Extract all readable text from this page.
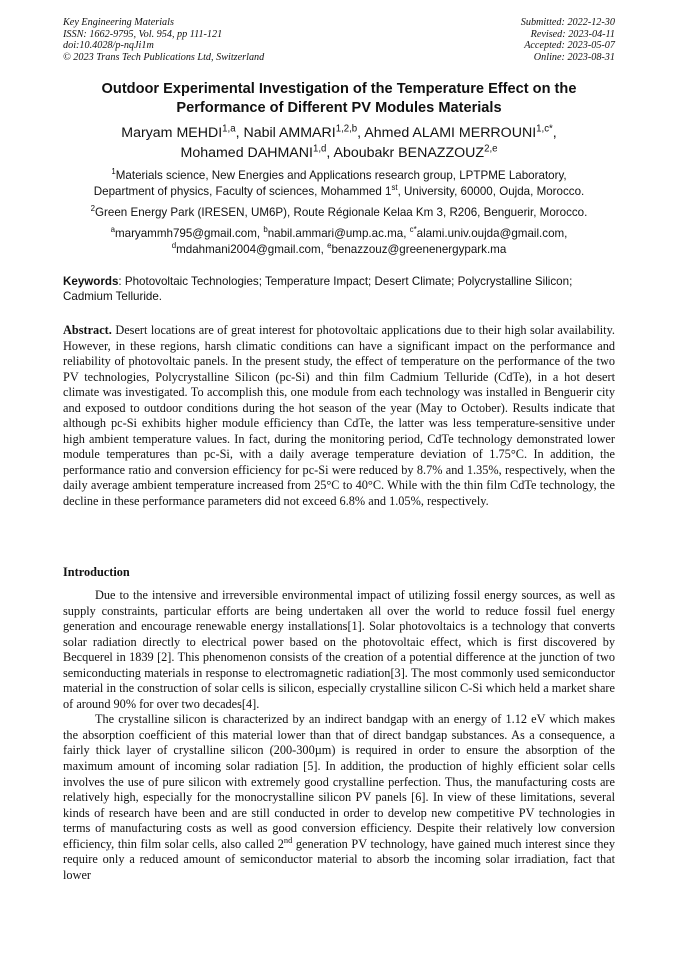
Key Engineering Materials
ISSN: 1662-9795, Vol. 954, pp 111-121
doi:10.4028/p-nqJi1m
© 2023 Trans Tech Publications Ltd, Switzerland
Submitted: 2022-12-30
Revised: 2023-04-11
Accepted: 2023-05-07
Online: 2023-08-31
Outdoor Experimental Investigation of the Temperature Effect on the
Performance of Different PV Modules Materials
Maryam MEHDI$^{1,a}$, Nabil AMMARI$^{1,2,b}$, Ahmed ALAMI $MERROUNI^{1,c*}$,
Mohamed DAHMANI$^{1,d}$, Aboubakr BENAZZOUZ$^{2,e}$
$^1$Materials science, New Energies and Applications research group, LPTPME Laboratory,
Department of physics, Faculty of sciences, Mohammed 1st, University, 60000, Oujda, Morocco.
$^2$Green Energy Park (IRESEN, UM6P), Route Régionale Kelaa Km 3, R206, Benguerir, Morocco.
$^a$maryammh795@gmail.com, $^b$nabil.ammari@ump.ac.ma, $^{c*}$alami.univ.oujda@gmail.com,
$^d$mdahmani2004@gmail.com, $^e$benazzouz@greenenergypark.ma
Keywords: Photovoltaic Technologies; Temperature Impact; Desert Climate; Polycrystalline Silicon; Cadmium Telluride.
Abstract. Desert locations are of great interest for photovoltaic applications due to their high solar availability. However, in these regions, harsh climatic conditions can have a significant impact on the performance and reliability of photovoltaic panels. In the present study, the effect of temperature on the performance of the two PV technologies, Polycrystalline Silicon (pc-Si) and thin film Cadmium Telluride (CdTe), in a hot desert climate was investigated. To accomplish this, one module from each technology was installed in Benguerir city and exposed to outdoor conditions during the hot season of the year (May to October). Results indicate that although pc-Si exhibits higher module efficiency than CdTe, the latter was less temperature-sensitive under high ambient temperature values. In fact, during the monitoring period, CdTe technology demonstrated lower module temperatures than pc-Si, with a daily average temperature deviation of 1.75°C. In addition, the performance ratio and conversion efficiency for pc-Si were reduced by 8.7% and 1.35%, respectively, when the daily average ambient temperature increased from 25°C to 40°C. While with the thin film CdTe technology, the decline in these performance parameters did not exceed 6.8% and 1.05%, respectively.
Introduction

Due to the intensive and irreversible environmental impact of utilizing fossil energy sources, as well as supply constraints, particular efforts are being undertaken all over the world to reduce fossil fuel energy generation and encourage renewable energy installations[1]. Solar photovoltaics is a technology that converts solar radiation directly to electrical power based on the photovoltaic effect, which is first discovered by Becquerel in 1839 [2]. This phenomenon consists of the creation of a potential difference at the junction of two semiconducting materials in response to electromagnetic radiation[3]. The most commonly used semiconductor material in the construction of solar cells is silicon, especially crystalline silicon C-Si which held a market share of around 90% for over two decades[4].

The crystalline silicon is characterized by an indirect bandgap with an energy of 1.12 eV which makes the absorption coefficient of this material lower than that of direct bandgap substances. As a consequence, a fairly thick layer of crystalline silicon (200-300µm) is required in order to ensure the absorption of the maximum amount of incoming solar radiation [5]. In addition, the production of highly efficient solar cells involves the use of pure silicon with extremely good crystalline perfection. Thus, the manufacturing costs are relatively high, especially for the monocrystalline silicon PV panels [6]. In view of these limitations, several kinds of research have been and are still conducted in order to develop new competitive PV technologies in terms of manufacturing costs as well as good conversion efficiency. Despite their relatively low conversion efficiency, thin film solar cells, also called 2nd generation PV technology, have gained much interest since they require only a reduced amount of semiconductor material to absorb the incoming solar irradiation, fact that lower
